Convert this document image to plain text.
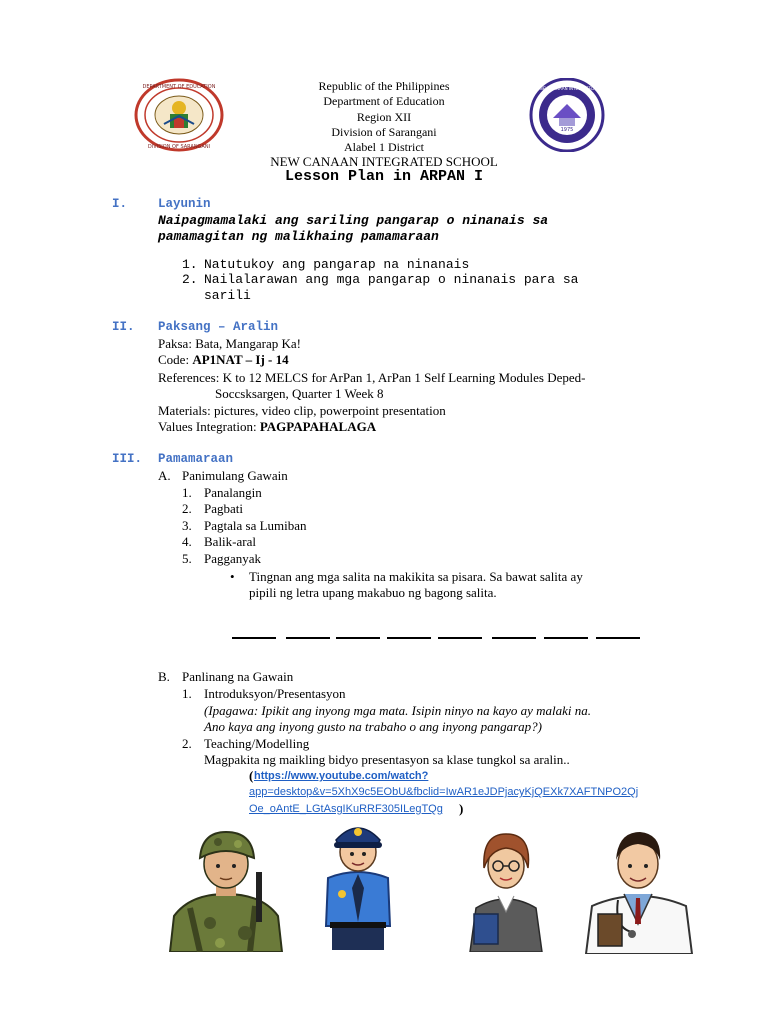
DEPARTMENT OF EDUCATION
DIVISION OF SARANGANI
1975
NEW CANAAN INTEGRATED
Republic of the Philippines
Department of Education
Region XII
Division of Sarangani
Alabel 1 District
NEW CANAAN INTEGRATED SCHOOL
Lesson Plan in ARPAN I
I. Layunin
Naipagmamalaki ang sariling pangarap o ninanais sa
pamamagitan ng malikhaing pamamaraan
1. Natutukoy ang pangarap na ninanais
2. Nailalarawan ang mga pangarap o ninanais para sa
sarili
II. Paksang – Aralin
Paksa: Bata, Mangarap Ka!
Code: AP1NAT – Ij - 14
References: K to 12 MELCS for ArPan 1, ArPan 1 Self Learning Modules Deped-
Soccsksargen, Quarter 1 Week 8
Materials: pictures, video clip, powerpoint presentation
Values Integration: PAGPAPAHALAGA
III. Pamamaraan
A. Panimulang Gawain
1. Panalangin
2. Pagbati
3. Pagtala sa Lumiban
4. Balik-aral
5. Pagganyak
• Tingnan ang mga salita na makikita sa pisara. Sa bawat salita ay
pipili ng letra upang makabuo ng bagong salita.
B. Panlinang na Gawain
1. Introduksyon/Presentasyon
(Ipagawa: Ipikit ang inyong mga mata. Isipin ninyo na kayo ay malaki na.
Ano kaya ang inyong gusto na trabaho o ang inyong pangarap?)
2. Teaching/Modelling
Magpakita ng maikling bidyo presentasyon sa klase tungkol sa aralin..
( https://www.youtube.com/watch?
app=desktop&v=5XhX9c5EObU&fbclid=IwAR1eJDPjacyKjQEXk7XAFTNPO2Qj
Oe_oAntE_LGtAsgIKuRRF305ILegTQg )
